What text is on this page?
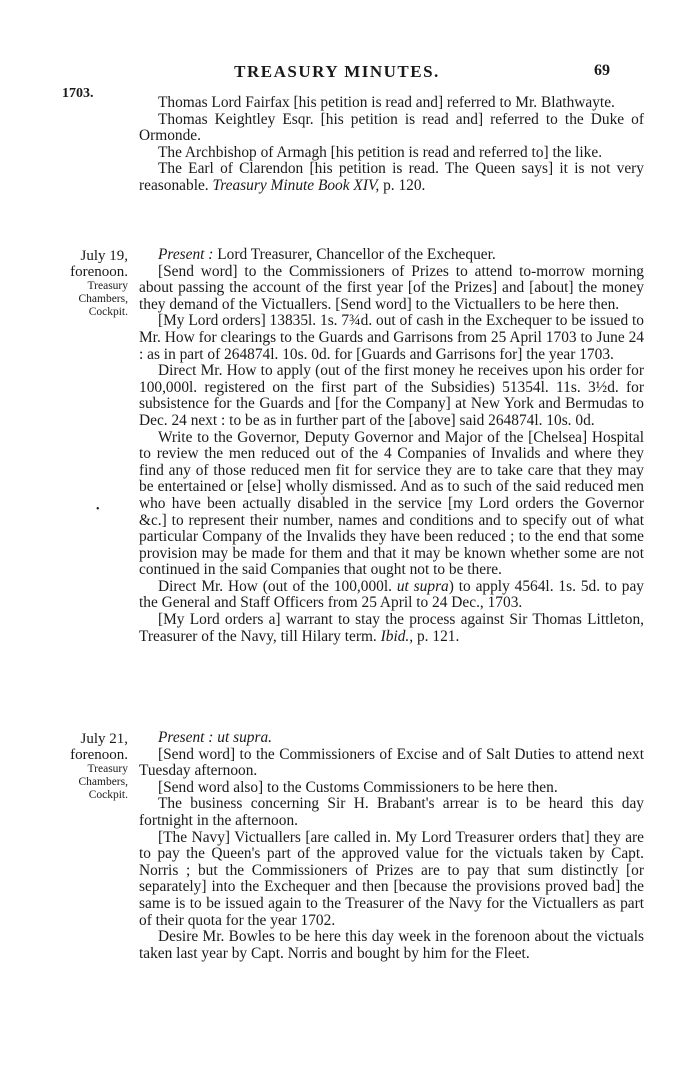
TREASURY MINUTES.	69
1703.

Thomas Lord Fairfax [his petition is read and] referred to Mr. Blathwayte.

Thomas Keightley Esqr. [his petition is read and] referred to the Duke of Ormonde.

The Archbishop of Armagh [his petition is read and referred to] the like.

The Earl of Clarendon [his petition is read. The Queen says] it is not very reasonable. Treasury Minute Book XIV, p. 120.

July 19,
forenoon.
Treasury
Chambers,
Cockpit.
•

Present : Lord Treasurer, Chancellor of the Exchequer.

[Send word] to the Commissioners of Prizes to attend to-morrow morning about passing the account of the first year [of the Prizes] and [about] the money they demand of the Victuallers. [Send word] to the Victuallers to be here then.

[My Lord orders] 13835l. 1s. 7¾d. out of cash in the Exchequer to be issued to Mr. How for clearings to the Guards and Garrisons from 25 April 1703 to June 24 : as in part of 264874l. 10s. 0d. for [Guards and Garrisons for] the year 1703.

Direct Mr. How to apply (out of the first money he receives upon his order for 100,000l. registered on the first part of the Subsidies) 51354l. 11s. 3½d. for subsistence for the Guards and [for the Company] at New York and Bermudas to Dec. 24 next : to be as in further part of the [above] said 264874l. 10s. 0d.

Write to the Governor, Deputy Governor and Major of the [Chelsea] Hospital to review the men reduced out of the 4 Companies of Invalids and where they find any of those reduced men fit for service they are to take care that they may be entertained or [else] wholly dismissed. And as to such of the said reduced men who have been actually disabled in the service [my Lord orders the Governor &c.] to represent their number, names and conditions and to specify out of what particular Company of the Invalids they have been reduced ; to the end that some provision may be made for them and that it may be known whether some are not continued in the said Companies that ought not to be there.

Direct Mr. How (out of the 100,000l. ut supra) to apply 4564l. 1s. 5d. to pay the General and Staff Officers from 25 April to 24 Dec., 1703.

[My Lord orders a] warrant to stay the process against Sir Thomas Littleton, Treasurer of the Navy, till Hilary term. Ibid., p. 121.

July 21,
forenoon.
Treasury
Chambers,
Cockpit.

Present : ut supra.

[Send word] to the Commissioners of Excise and of Salt Duties to attend next Tuesday afternoon.

[Send word also] to the Customs Commissioners to be here then.

The business concerning Sir H. Brabant's arrear is to be heard this day fortnight in the afternoon.

[The Navy] Victuallers [are called in. My Lord Treasurer orders that] they are to pay the Queen's part of the approved value for the victuals taken by Capt. Norris ; but the Commissioners of Prizes are to pay that sum distinctly [or separately] into the Exchequer and then [because the provisions proved bad] the same is to be issued again to the Treasurer of the Navy for the Victuallers as part of their quota for the year 1702.

Desire Mr. Bowles to be here this day week in the forenoon about the victuals taken last year by Capt. Norris and bought by him for the Fleet.
